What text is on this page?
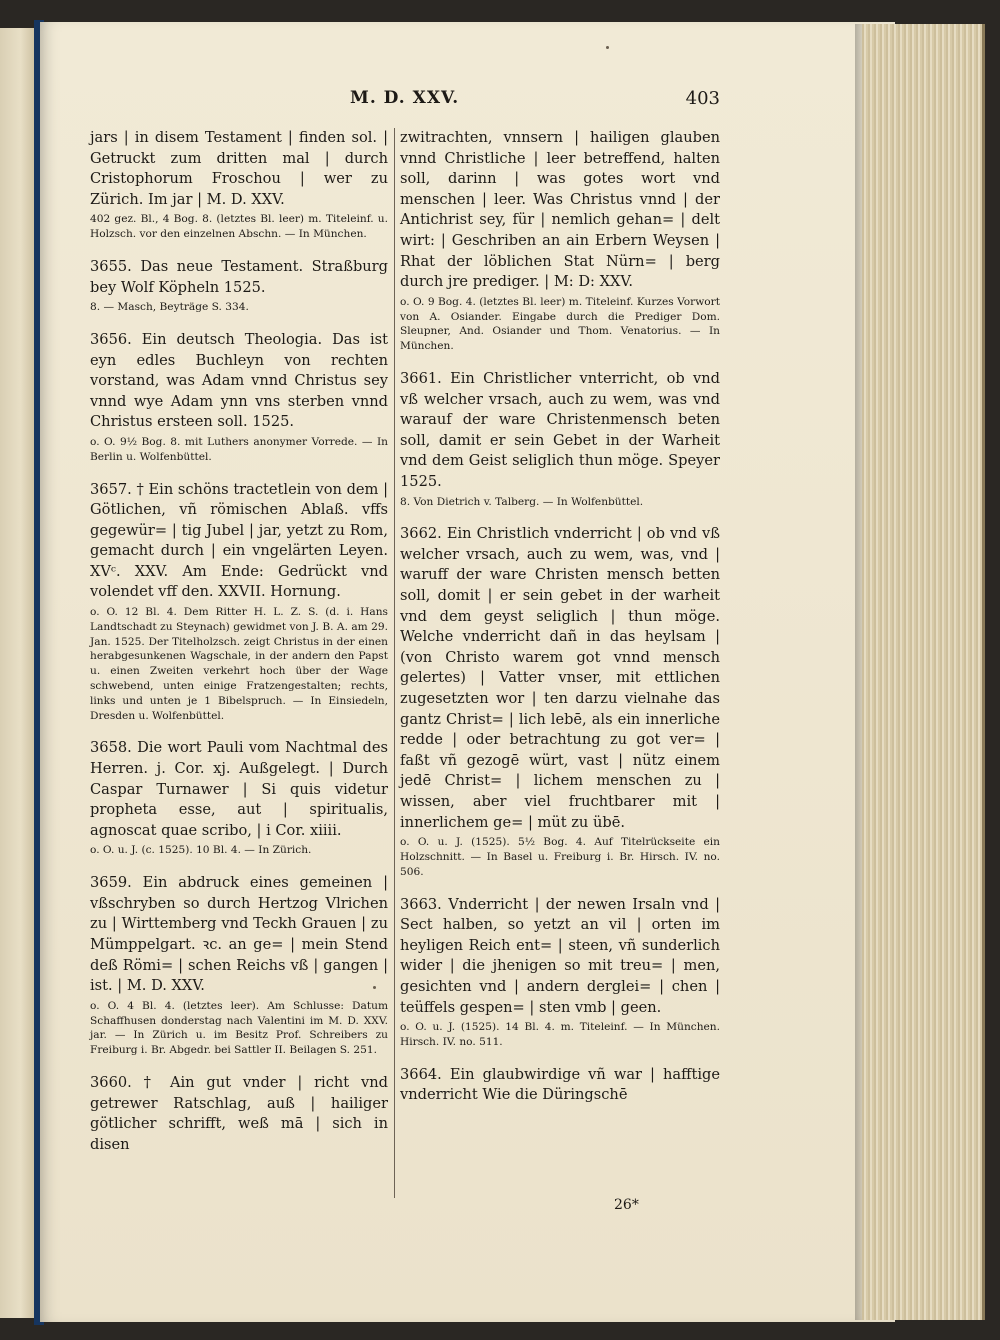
M. D. XXV.	403

jars | in disem Testament | finden sol. | Getruckt zum dritten mal | durch Cristophorum Froschou | wer zu Zürich. Im jar | M. D. XXV.

402 gez. Bl., 4 Bog. 8. (letztes Bl. leer) m. Titeleinf. u. Holzsch. vor den einzelnen Abschn. — In München.

3655. Das neue Testament. Straßburg bey Wolf Köpheln 1525.

8. — Masch, Beyträge S. 334.

3656. Ein deutsch Theologia. Das ist eyn edles Buchleyn von rechten vorstand, was Adam vnnd Christus sey vnnd wye Adam ynn vns sterben vnnd Christus ersteen soll. 1525.

o. O. 9½ Bog. 8. mit Luthers anonymer Vorrede. — In Berlin u. Wolfenbüttel.

3657. † Ein schöns tractetlein von dem | Götlichen, vñ römischen Ablaß. vffs gegewür= | tig Jubel | jar, yetzt zu Rom, gemacht durch | ein vngelärten Leyen. XVᶜ. XXV. Am Ende: Gedrückt vnd volendet vff den. XXVII. Hornung.

o. O. 12 Bl. 4. Dem Ritter H. L. Z. S. (d. i. Hans Landtschadt zu Steynach) gewidmet von J. B. A. am 29. Jan. 1525. Der Titelholzsch. zeigt Christus in der einen herabgesunkenen Wagschale, in der andern den Papst u. einen Zweiten verkehrt hoch über der Wage schwebend, unten einige Fratzengestalten; rechts, links und unten je 1 Bibelspruch. — In Einsiedeln, Dresden u. Wolfenbüttel.

3658. Die wort Pauli vom Nachtmal des Herren. j. Cor. xj. Außgelegt. | Durch Caspar Turnawer | Si quis videtur propheta esse, aut | spiritualis, agnoscat quae scribo, | i Cor. xiiii.

o. O. u. J. (c. 1525). 10 Bl. 4. — In Zürich.

3659. Ein abdruck eines gemeinen | vßschryben so durch Hertzog Vlrichen zu | Wirttemberg vnd Teckh Grauen | zu Mümppelgart. ꝛc. an ge= | mein Stend deß Römi= | schen Reichs vß | gangen | ist. | M. D. XXV.

o. O. 4 Bl. 4. (letztes leer). Am Schlusse: Datum Schaffhusen donderstag nach Valentini im M. D. XXV. jar. — In Zürich u. im Besitz Prof. Schreibers zu Freiburg i. Br. Abgedr. bei Sattler II. Beilagen S. 251.

3660. † Ain gut vnder | richt vnd getrewer Ratschlag, auß | hailiger götlicher schrifft, weß mā | sich in disen

zwitrachten, vnnsern | hailigen glauben vnnd Christliche | leer betreffend, halten soll, darinn | was gotes wort vnd menschen | leer. Was Christus vnnd | der Antichrist sey, für | nemlich gehan= | delt wirt: | Geschriben an ain Erbern Weysen | Rhat der löblichen Stat Nürn= | berg durch jre prediger. | M: D: XXV.

o. O. 9 Bog. 4. (letztes Bl. leer) m. Titeleinf. Kurzes Vorwort von A. Osiander. Eingabe durch die Prediger Dom. Sleupner, And. Osiander und Thom. Venatorius. — In München.

3661. Ein Christlicher vnterricht, ob vnd vß welcher vrsach, auch zu wem, was vnd warauf der ware Christenmensch beten soll, damit er sein Gebet in der Warheit vnd dem Geist seliglich thun möge. Speyer 1525.

8. Von Dietrich v. Talberg. — In Wolfenbüttel.

3662. Ein Christlich vnderricht | ob vnd vß welcher vrsach, auch zu wem, was, vnd | waruff der ware Christen mensch betten soll, domit | er sein gebet in der warheit vnd dem geyst seliglich | thun möge. Welche vnderricht dañ in das heylsam | (von Christo warem got vnnd mensch gelertes) | Vatter vnser, mit ettlichen zugesetzten wor | ten darzu vielnahe das gantz Christ= | lich lebē, als ein innerliche redde | oder betrachtung zu got ver= | faßt vñ gezogē würt, vast | nütz einem jedē Christ= | lichem menschen zu | wissen, aber viel fruchtbarer mit | innerlichem ge= | müt zu übē.

o. O. u. J. (1525). 5½ Bog. 4. Auf Titelrückseite ein Holzschnitt. — In Basel u. Freiburg i. Br. Hirsch. IV. no. 506.

3663. Vnderricht | der newen Irsaln vnd | Sect halben, so yetzt an vil | orten im heyligen Reich ent= | steen, vñ sunderlich wider | die jhenigen so mit treu= | men, gesichten vnd | andern derglei= | chen | teüffels gespen= | sten vmb | geen.

o. O. u. J. (1525). 14 Bl. 4. m. Titeleinf. — In München. Hirsch. IV. no. 511.

3664. Ein glaubwirdige vñ war | hafftige vnderricht Wie die Düringschē

26*
